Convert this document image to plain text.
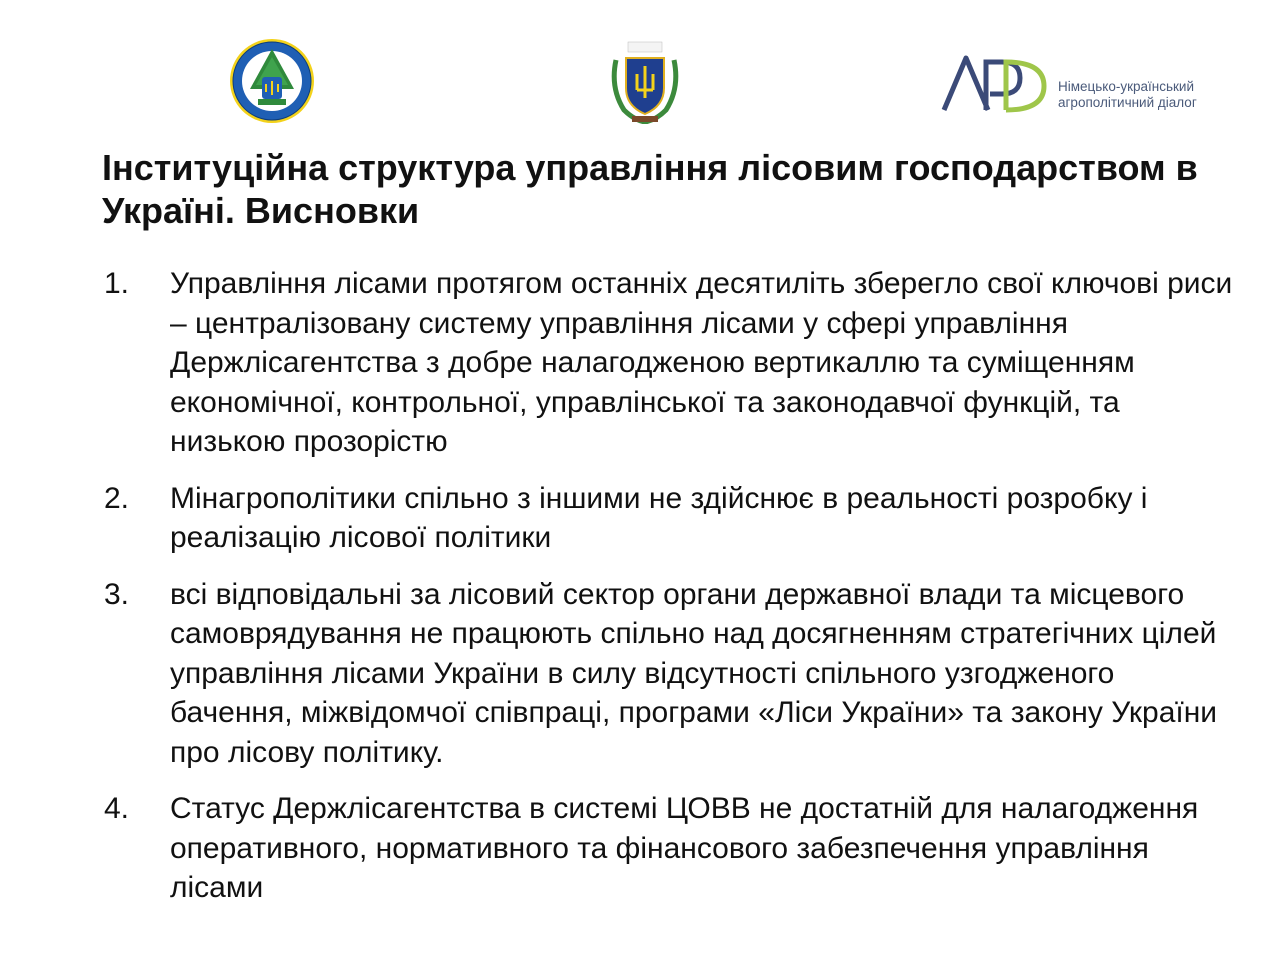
Німецько-український
агрополітичний діалог
Інституційна структура управління лісовим господарством в Україні. Висновки
1. Управління лісами протягом останніх десятиліть зберегло свої ключові риси – централізовану систему управління лісами у сфері управління Держлісагентства з добре налагодженою вертикаллю та суміщенням економічної, контрольної, управлінської та законодавчої функцій, та низькою прозорістю
2. Мінагрополітики спільно з іншими не здійснює в реальності розробку і реалізацію лісової політики
3. всі відповідальні за лісовий сектор органи державної влади та місцевого самоврядування не працюють спільно над досягненням стратегічних цілей управління лісами України в силу відсутності спільного узгодженого бачення, міжвідомчої співпраці, програми «Ліси України» та закону України про лісову політику.
4. Статус Держлісагентства в системі ЦОВВ не достатній для налагодження оперативного, нормативного та фінансового забезпечення управління лісами
